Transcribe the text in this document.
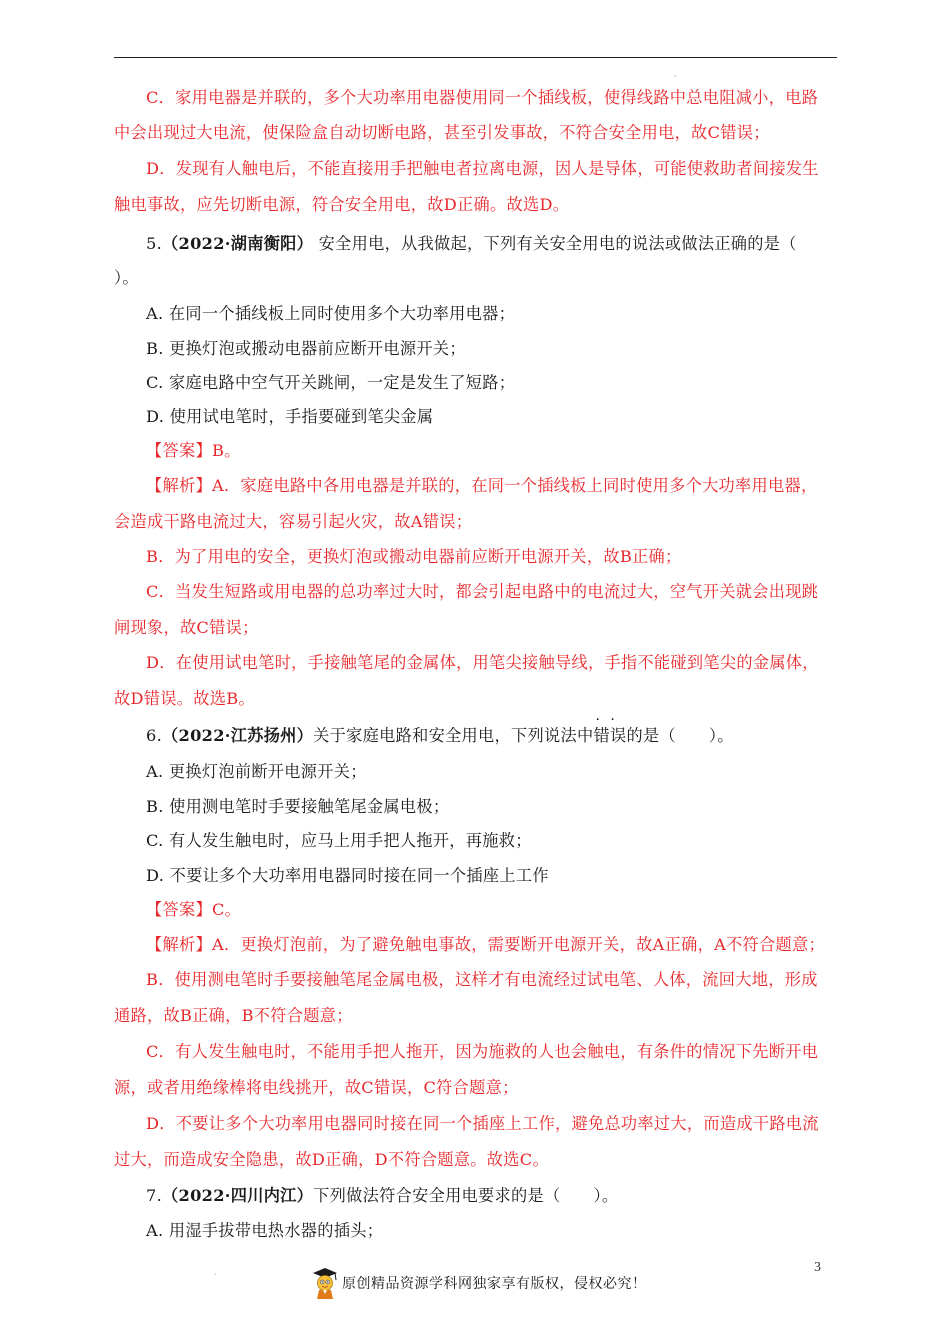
·
C．家用电器是并联的，多个大功率用电器使用同一个插线板，使得线路中总电阻减小，电路
中会出现过大电流，使保险盒自动切断电路，甚至引发事故，不符合安全用电，故C错误；
D．发现有人触电后，不能直接用手把触电者拉离电源，因人是导体，可能使救助者间接发生
触电事故，应先切断电源，符合安全用电，故D正确。故选D。
5.（2022·湖南衡阳） 安全用电，从我做起，下列有关安全用电的说法或做法正确的是（
）。
A. 在同一个插线板上同时使用多个大功率用电器；
B. 更换灯泡或搬动电器前应断开电源开关；
C. 家庭电路中空气开关跳闸，一定是发生了短路；
D. 使用试电笔时，手指要碰到笔尖金属
【答案】B。
【解析】A．家庭电路中各用电器是并联的，在同一个插线板上同时使用多个大功率用电器，
会造成干路电流过大，容易引起火灾，故A错误；
B．为了用电的安全，更换灯泡或搬动电器前应断开电源开关，故B正确；
C．当发生短路或用电器的总功率过大时，都会引起电路中的电流过大，空气开关就会出现跳
闸现象，故C错误；
D．在使用试电笔时，手接触笔尾的金属体，用笔尖接触导线，手指不能碰到笔尖的金属体，
故D错误。故选B。
6.（2022·江苏扬州）关于家庭电路和安全用电，下列说法中· · 错误的是（　　）。
A. 更换灯泡前断开电源开关；
B. 使用测电笔时手要接触笔尾金属电极；
C. 有人发生触电时，应马上用手把人拖开，再施救；
D. 不要让多个大功率用电器同时接在同一个插座上工作
【答案】C。
【解析】A．更换灯泡前，为了避免触电事故，需要断开电源开关，故A正确，A不符合题意；
B．使用测电笔时手要接触笔尾金属电极，这样才有电流经过试电笔、人体，流回大地，形成
通路，故B正确，B不符合题意；
C．有人发生触电时，不能用手把人拖开，因为施救的人也会触电，有条件的情况下先断开电
源，或者用绝缘棒将电线挑开，故C错误，C符合题意；
D．不要让多个大功率用电器同时接在同一个插座上工作，避免总功率过大，而造成干路电流
过大，而造成安全隐患，故D正确，D不符合题意。故选C。
7.（2022·四川内江）下列做法符合安全用电要求的是（　　）。
A. 用湿手拔带电热水器的插头；
3
·
原创精品资源学科网独家享有版权，侵权必究！
